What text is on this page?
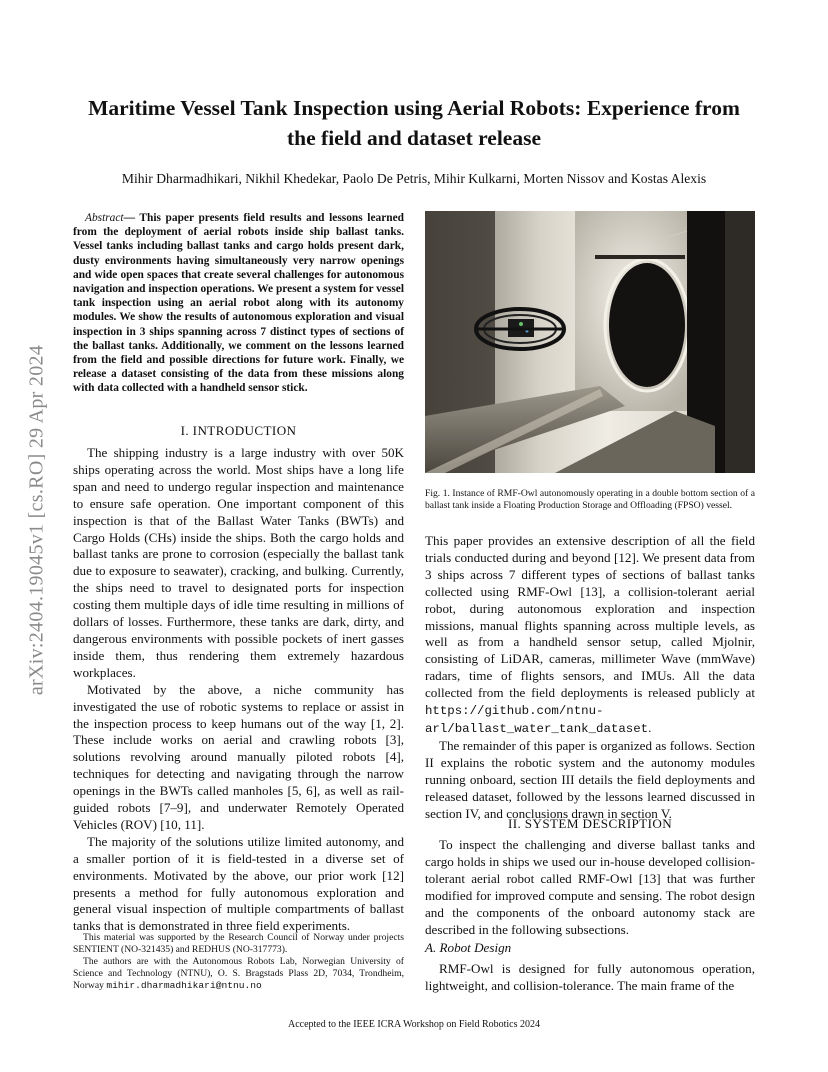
arXiv:2404.19045v1 [cs.RO] 29 Apr 2024
Maritime Vessel Tank Inspection using Aerial Robots: Experience from
the field and dataset release
Mihir Dharmadhikari, Nikhil Khedekar, Paolo De Petris, Mihir Kulkarni, Morten Nissov and Kostas Alexis
Abstract— This paper presents field results and lessons learned from the deployment of aerial robots inside ship ballast tanks. Vessel tanks including ballast tanks and cargo holds present dark, dusty environments having simultaneously very narrow openings and wide open spaces that create several challenges for autonomous navigation and inspection operations. We present a system for vessel tank inspection using an aerial robot along with its autonomy modules. We show the results of autonomous exploration and visual inspection in 3 ships spanning across 7 distinct types of sections of the ballast tanks. Additionally, we comment on the lessons learned from the field and possible directions for future work. Finally, we release a dataset consisting of the data from these missions along with data collected with a handheld sensor stick.
I. INTRODUCTION

The shipping industry is a large industry with over 50K ships operating across the world. Most ships have a long life span and need to undergo regular inspection and maintenance to ensure safe operation. One important component of this inspection is that of the Ballast Water Tanks (BWTs) and Cargo Holds (CHs) inside the ships. Both the cargo holds and ballast tanks are prone to corrosion (especially the ballast tank due to exposure to seawater), cracking, and bulking. Currently, the ships need to travel to designated ports for inspection costing them multiple days of idle time resulting in millions of dollars of losses. Furthermore, these tanks are dark, dirty, and dangerous environments with possible pockets of inert gasses inside them, thus rendering them extremely hazardous workplaces.

Motivated by the above, a niche community has investigated the use of robotic systems to replace or assist in the inspection process to keep humans out of the way [1, 2]. These include works on aerial and crawling robots [3], solutions revolving around manually piloted robots [4], techniques for detecting and navigating through the narrow openings in the BWTs called manholes [5, 6], as well as rail-guided robots [7–9], and underwater Remotely Operated Vehicles (ROV) [10, 11].

The majority of the solutions utilize limited autonomy, and a smaller portion of it is field-tested in a diverse set of environments. Motivated by the above, our prior work [12] presents a method for fully autonomous exploration and general visual inspection of multiple compartments of ballast tanks that is demonstrated in three field experiments.

This material was supported by the Research Council of Norway under projects SENTIENT (NO-321435) and REDHUS (NO-317773).

The authors are with the Autonomous Robots Lab, Norwegian University of Science and Technology (NTNU), O. S. Bragstads Plass 2D, 7034, Trondheim, Norway mihir.dharmadhikari@ntnu.no

Fig. 1. Instance of RMF-Owl autonomously operating in a double bottom section of a ballast tank inside a Floating Production Storage and Offloading (FPSO) vessel.

This paper provides an extensive description of all the field trials conducted during and beyond [12]. We present data from 3 ships across 7 different types of sections of ballast tanks collected using RMF-Owl [13], a collision-tolerant aerial robot, during autonomous exploration and inspection missions, manual flights spanning across multiple levels, as well as from a handheld sensor setup, called Mjolnir, consisting of LiDAR, cameras, millimeter Wave (mmWave) radars, time of flights sensors, and IMUs. All the data collected from the field deployments is released publicly at https://github.com/ntnu-arl/ballast_water_tank_dataset.

The remainder of this paper is organized as follows. Section II explains the robotic system and the autonomy modules running onboard, section III details the field deployments and released dataset, followed by the lessons learned discussed in section IV, and conclusions drawn in section V.

II. SYSTEM DESCRIPTION

To inspect the challenging and diverse ballast tanks and cargo holds in ships we used our in-house developed collision-tolerant aerial robot called RMF-Owl [13] that was further modified for improved compute and sensing. The robot design and the components of the onboard autonomy stack are described in the following subsections.

A. Robot Design

RMF-Owl is designed for fully autonomous operation, lightweight, and collision-tolerance. The main frame of the

Accepted to the IEEE ICRA Workshop on Field Robotics 2024
